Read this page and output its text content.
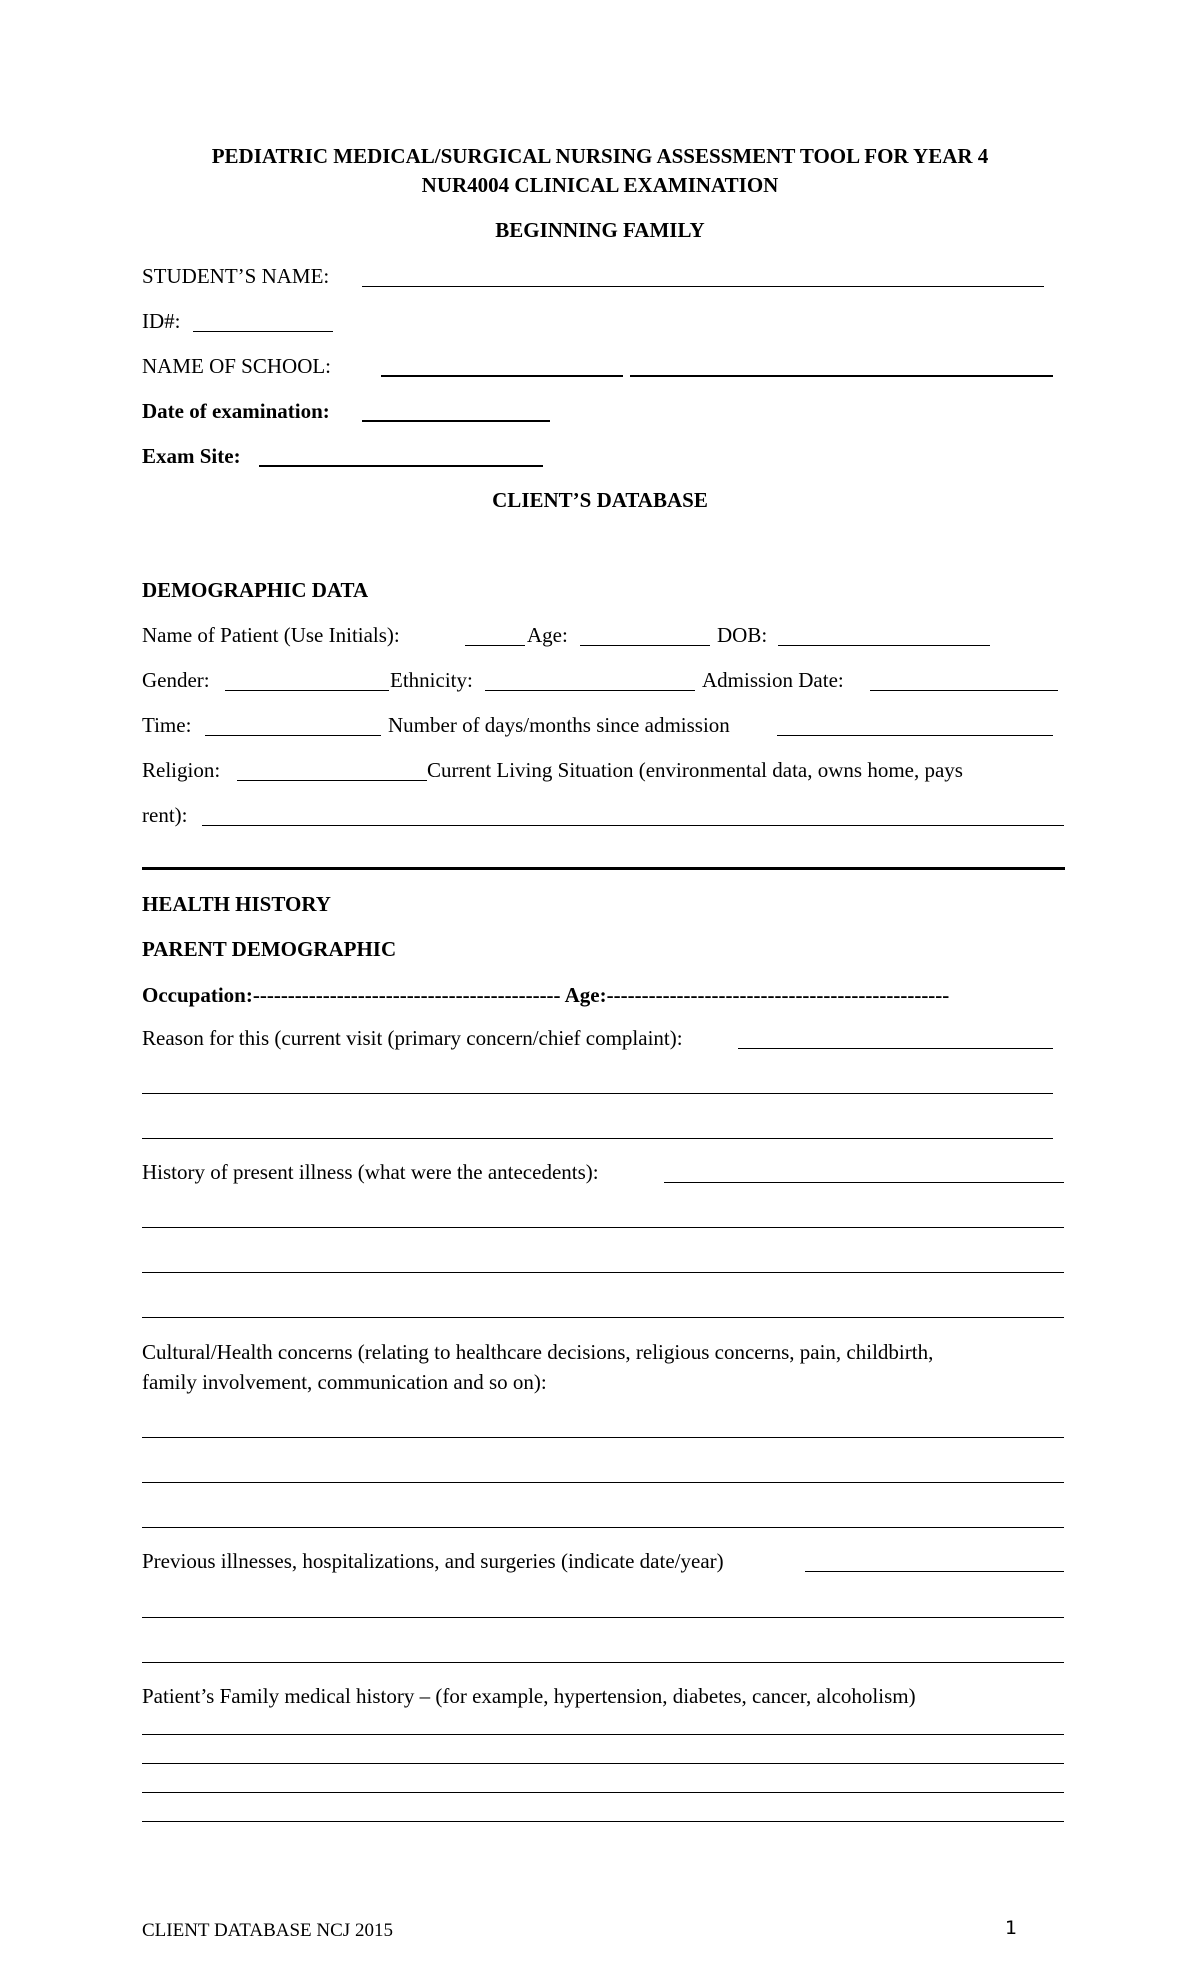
PEDIATRIC MEDICAL/SURGICAL NURSING ASSESSMENT TOOL FOR YEAR 4
NUR4004 CLINICAL EXAMINATION
BEGINNING FAMILY
STUDENT’S NAME:
ID#:
NAME OF SCHOOL:
Date of examination:
Exam Site:
CLIENT’S DATABASE
DEMOGRAPHIC DATA
Name of Patient (Use Initials):	Age:	DOB:
Gender:	Ethnicity:	Admission Date:
Time:	Number of days/months since admission
Religion:	Current Living Situation (environmental data, owns home, pays
rent):
HEALTH HISTORY
PARENT DEMOGRAPHIC
Occupation:-------------------------------------------- Age:-------------------------------------------------
Reason for this (current visit (primary concern/chief complaint):
History of present illness (what were the antecedents):
Cultural/Health concerns (relating to healthcare decisions, religious concerns, pain, childbirth,
family involvement, communication and so on):
Previous illnesses, hospitalizations, and surgeries (indicate date/year)
Patient’s Family medical history – (for example, hypertension, diabetes, cancer, alcoholism)
CLIENT DATABASE NCJ 2015	1
